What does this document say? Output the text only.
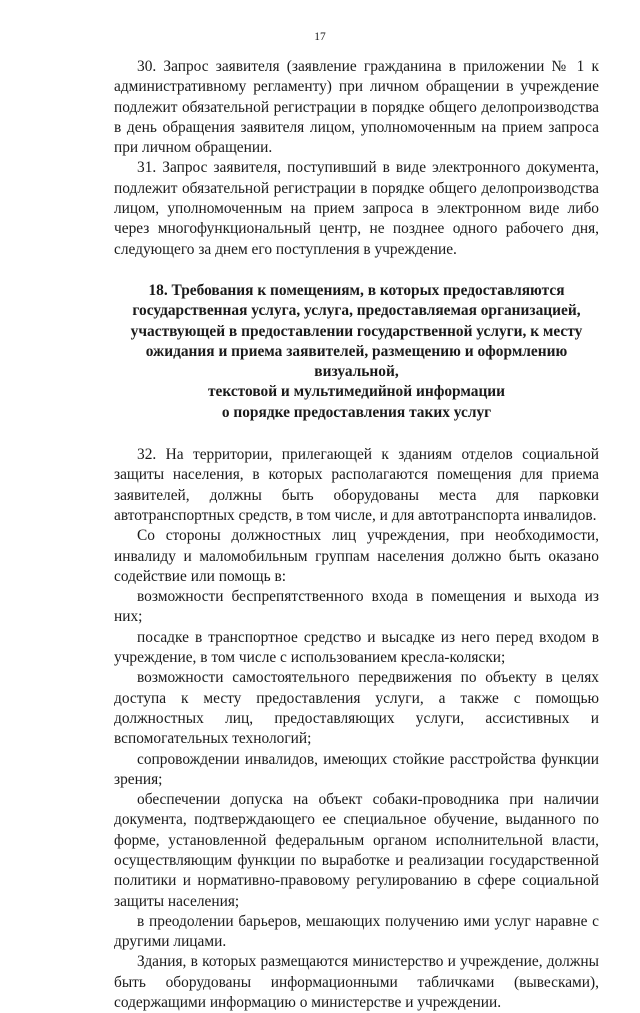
17

30. Запрос заявителя (заявление гражданина в приложении № 1 к административному регламенту) при личном обращении в учреждение подлежит обязательной регистрации в порядке общего делопроизводства в день обращения заявителя лицом, уполномоченным на прием запроса при личном обращении.

31. Запрос заявителя, поступивший в виде электронного документа, подлежит обязательной регистрации в порядке общего делопроизводства лицом, уполномоченным на прием запроса в электронном виде либо через многофункциональный центр, не позднее одного рабочего дня, следующего за днем его поступления в учреждение.

18. Требования к помещениям, в которых предоставляются
государственная услуга, услуга, предоставляемая организацией,
участвующей в предоставлении государственной услуги, к месту
ожидания и приема заявителей, размещению и оформлению визуальной,
текстовой и мультимедийной информации
о порядке предоставления таких услуг

32. На территории, прилегающей к зданиям отделов социальной защиты населения, в которых располагаются помещения для приема заявителей, должны быть оборудованы места для парковки автотранспортных средств, в том числе, и для автотранспорта инвалидов.

Со стороны должностных лиц учреждения, при необходимости, инвалиду и маломобильным группам населения должно быть оказано содействие или помощь в:

возможности беспрепятственного входа в помещения и выхода из них;

посадке в транспортное средство и высадке из него перед входом в учреждение, в том числе с использованием кресла-коляски;

возможности самостоятельного передвижения по объекту в целях доступа к месту предоставления услуги, а также с помощью должностных лиц, предоставляющих услуги, ассистивных и вспомогательных технологий;

сопровождении инвалидов, имеющих стойкие расстройства функции зрения;

обеспечении допуска на объект собаки-проводника при наличии документа, подтверждающего ее специальное обучение, выданного по форме, установленной федеральным органом исполнительной власти, осуществляющим функции по выработке и реализации государственной политики и нормативно-правовому регулированию в сфере социальной защиты населения;

в преодолении барьеров, мешающих получению ими услуг наравне с другими лицами.

Здания, в которых размещаются министерство и учреждение, должны быть оборудованы информационными табличками (вывесками), содержащими информацию о министерстве и учреждении.
